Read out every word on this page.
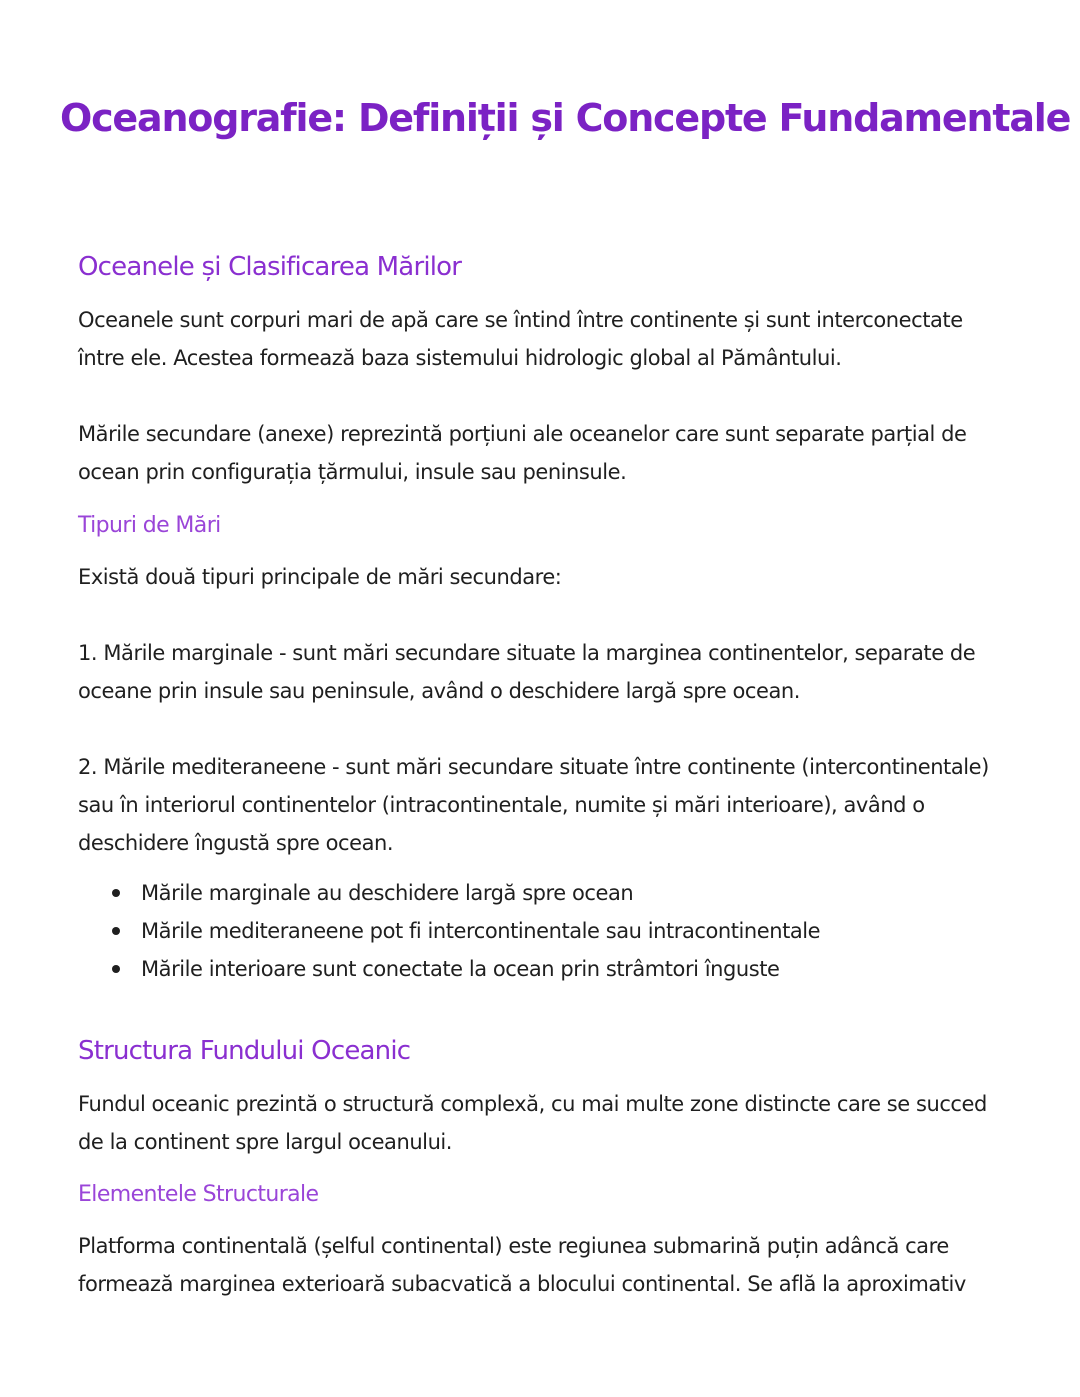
Oceanografie: Definiții și Concepte Fundamentale
Oceanele și Clasificarea Mărilor

Oceanele sunt corpuri mari de apă care se întind între continente și sunt interconectate între ele. Acestea formează baza sistemului hidrologic global al Pământului.

Mările secundare (anexe) reprezintă porțiuni ale oceanelor care sunt separate parțial de ocean prin configurația țărmului, insule sau peninsule.

Tipuri de Mări

Există două tipuri principale de mări secundare:

1. Mările marginale - sunt mări secundare situate la marginea continentelor, separate de oceane prin insule sau peninsule, având o deschidere largă spre ocean.

2. Mările mediteraneene - sunt mări secundare situate între continente (intercontinentale) sau în interiorul continentelor (intracontinentale, numite și mări interioare), având o deschidere îngustă spre ocean.

Mările marginale au deschidere largă spre ocean
Mările mediteraneene pot fi intercontinentale sau intracontinentale
Mările interioare sunt conectate la ocean prin strâmtori înguste
Structura Fundului Oceanic

Fundul oceanic prezintă o structură complexă, cu mai multe zone distincte care se succed de la continent spre largul oceanului.

Elementele Structurale

Platforma continentală (șelful continental) este regiunea submarină puțin adâncă care formează marginea exterioară subacvatică a blocului continental. Se află la aproximativ
